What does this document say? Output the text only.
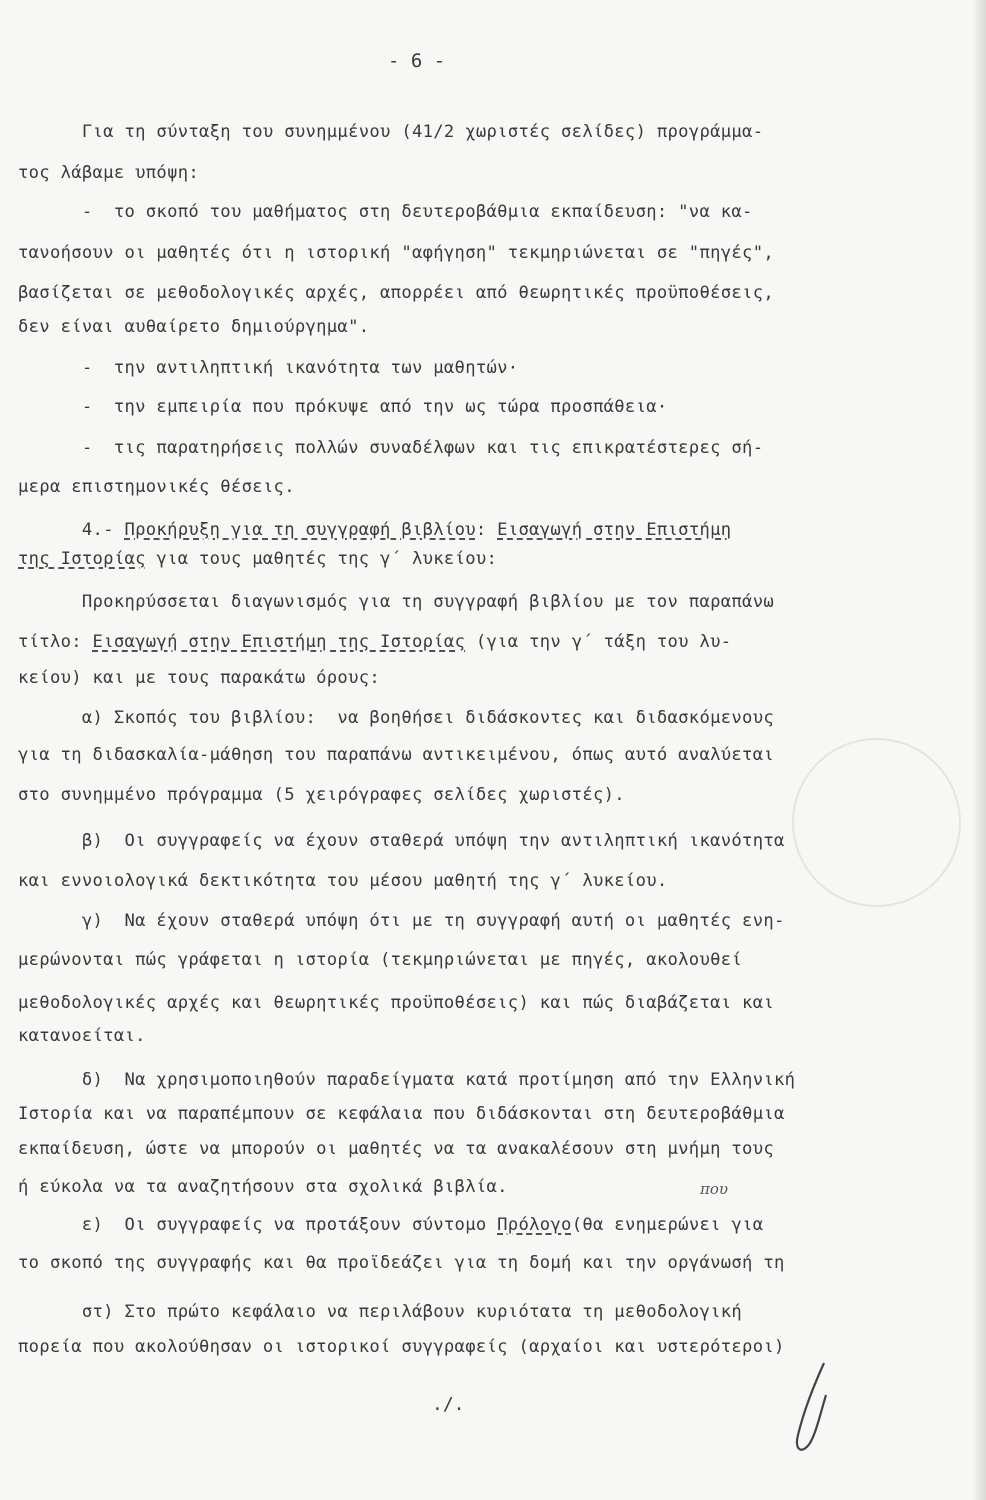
- 6 -
Για τη σύνταξη του συνημμένου (41/2 χωριστές σελίδες) προγράμμα-
τος λάβαμε υπόψη:
-  το σκοπό του μαθήματος στη δευτεροβάθμια εκπαίδευση: "να κα-
τανοήσουν οι μαθητές ότι η ιστορική "αφήγηση" τεκμηριώνεται σε "πηγές",
βασίζεται σε μεθοδολογικές αρχές, απορρέει από θεωρητικές προϋποθέσεις,
δεν είναι αυθαίρετο δημιούργημα".
-  την αντιληπτική ικανότητα των μαθητών·
-  την εμπειρία που πρόκυψε από την ως τώρα προσπάθεια·
-  τις παρατηρήσεις πολλών συναδέλφων και τις επικρατέστερες σή-
μερα επιστημονικές θέσεις.
4.- Προκήρυξη για τη συγγραφή βιβλίου: Εισαγωγή στην Επιστήμη
της Ιστορίας για τους μαθητές της γ΄ λυκείου:
Προκηρύσσεται διαγωνισμός για τη συγγραφή βιβλίου με τον παραπάνω
τίτλο: Εισαγωγή στην Επιστήμη της Ιστορίας (για την γ΄ τάξη του λυ-
κείου) και με τους παρακάτω όρους:
α) Σκοπός του βιβλίου:  να βοηθήσει διδάσκοντες και διδασκόμενους
για τη διδασκαλία-μάθηση του παραπάνω αντικειμένου, όπως αυτό αναλύεται
στο συνημμένο πρόγραμμα (5 χειρόγραφες σελίδες χωριστές).
β)  Οι συγγραφείς να έχουν σταθερά υπόψη την αντιληπτική ικανότητα
και εννοιολογικά δεκτικότητα του μέσου μαθητή της γ΄ λυκείου.
γ)  Να έχουν σταθερά υπόψη ότι με τη συγγραφή αυτή οι μαθητές ενη-
μερώνονται πώς γράφεται η ιστορία (τεκμηριώνεται με πηγές, ακολουθεί
μεθοδολογικές αρχές και θεωρητικές προϋποθέσεις) και πώς διαβάζεται και
κατανοείται.
δ)  Να χρησιμοποιηθούν παραδείγματα κατά προτίμηση από την Ελληνική
Ιστορία και να παραπέμπουν σε κεφάλαια που διδάσκονται στη δευτεροβάθμια
εκπαίδευση, ώστε να μπορούν οι μαθητές να τα ανακαλέσουν στη μνήμη τους
ή εύκολα να τα αναζητήσουν στα σχολικά βιβλία.
ε)  Οι συγγραφείς να προτάξουν σύντομο Πρόλογο(θα ενημερώνει για
το σκοπό της συγγραφής και θα προϊδεάζει για τη δομή και την οργάνωσή τη
στ) Στο πρώτο κεφάλαιο να περιλάβουν κυριότατα τη μεθοδολογική
πορεία που ακολούθησαν οι ιστορικοί συγγραφείς (αρχαίοι και υστερότεροι)
που
./.
